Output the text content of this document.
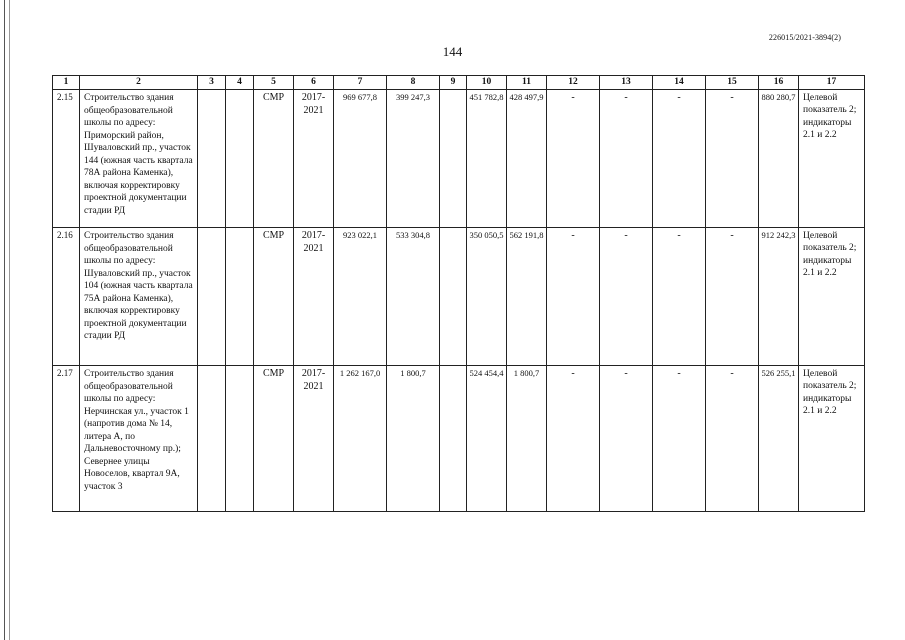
226015/2021-3894(2)
144
1	2	3	4	5	6	7	8	9	10	11	12	13	14	15	16	17
2.15	Строительство здания общеобразовательной школы по адресу: Приморский район, Шуваловский пр., участок 144 (южная часть квартала 78А района Каменка), включая корректировку проектной документации стадии РД			СМР	2017-2021	969 677,8	399 247,3		451 782,8	428 497,9	-	-	-	-	880 280,7	Целевой показатель 2; индикаторы 2.1 и 2.2
2.16	Строительство здания общеобразовательной школы по адресу: Шуваловский пр., участок 104 (южная часть квартала 75А района Каменка), включая корректировку проектной документации стадии РД			СМР	2017-2021	923 022,1	533 304,8		350 050,5	562 191,8	-	-	-	-	912 242,3	Целевой показатель 2; индикаторы 2.1 и 2.2
2.17	Строительство здания общеобразовательной школы по адресу: Нерчинская ул., участок 1 (напротив дома № 14, литера А, по Дальневосточному пр.); Севернее улицы Новоселов, квартал 9А, участок 3			СМР	2017-2021	1 262 167,0	1 800,7		524 454,4	1 800,7	-	-	-	-	526 255,1	Целевой показатель 2; индикаторы 2.1 и 2.2
